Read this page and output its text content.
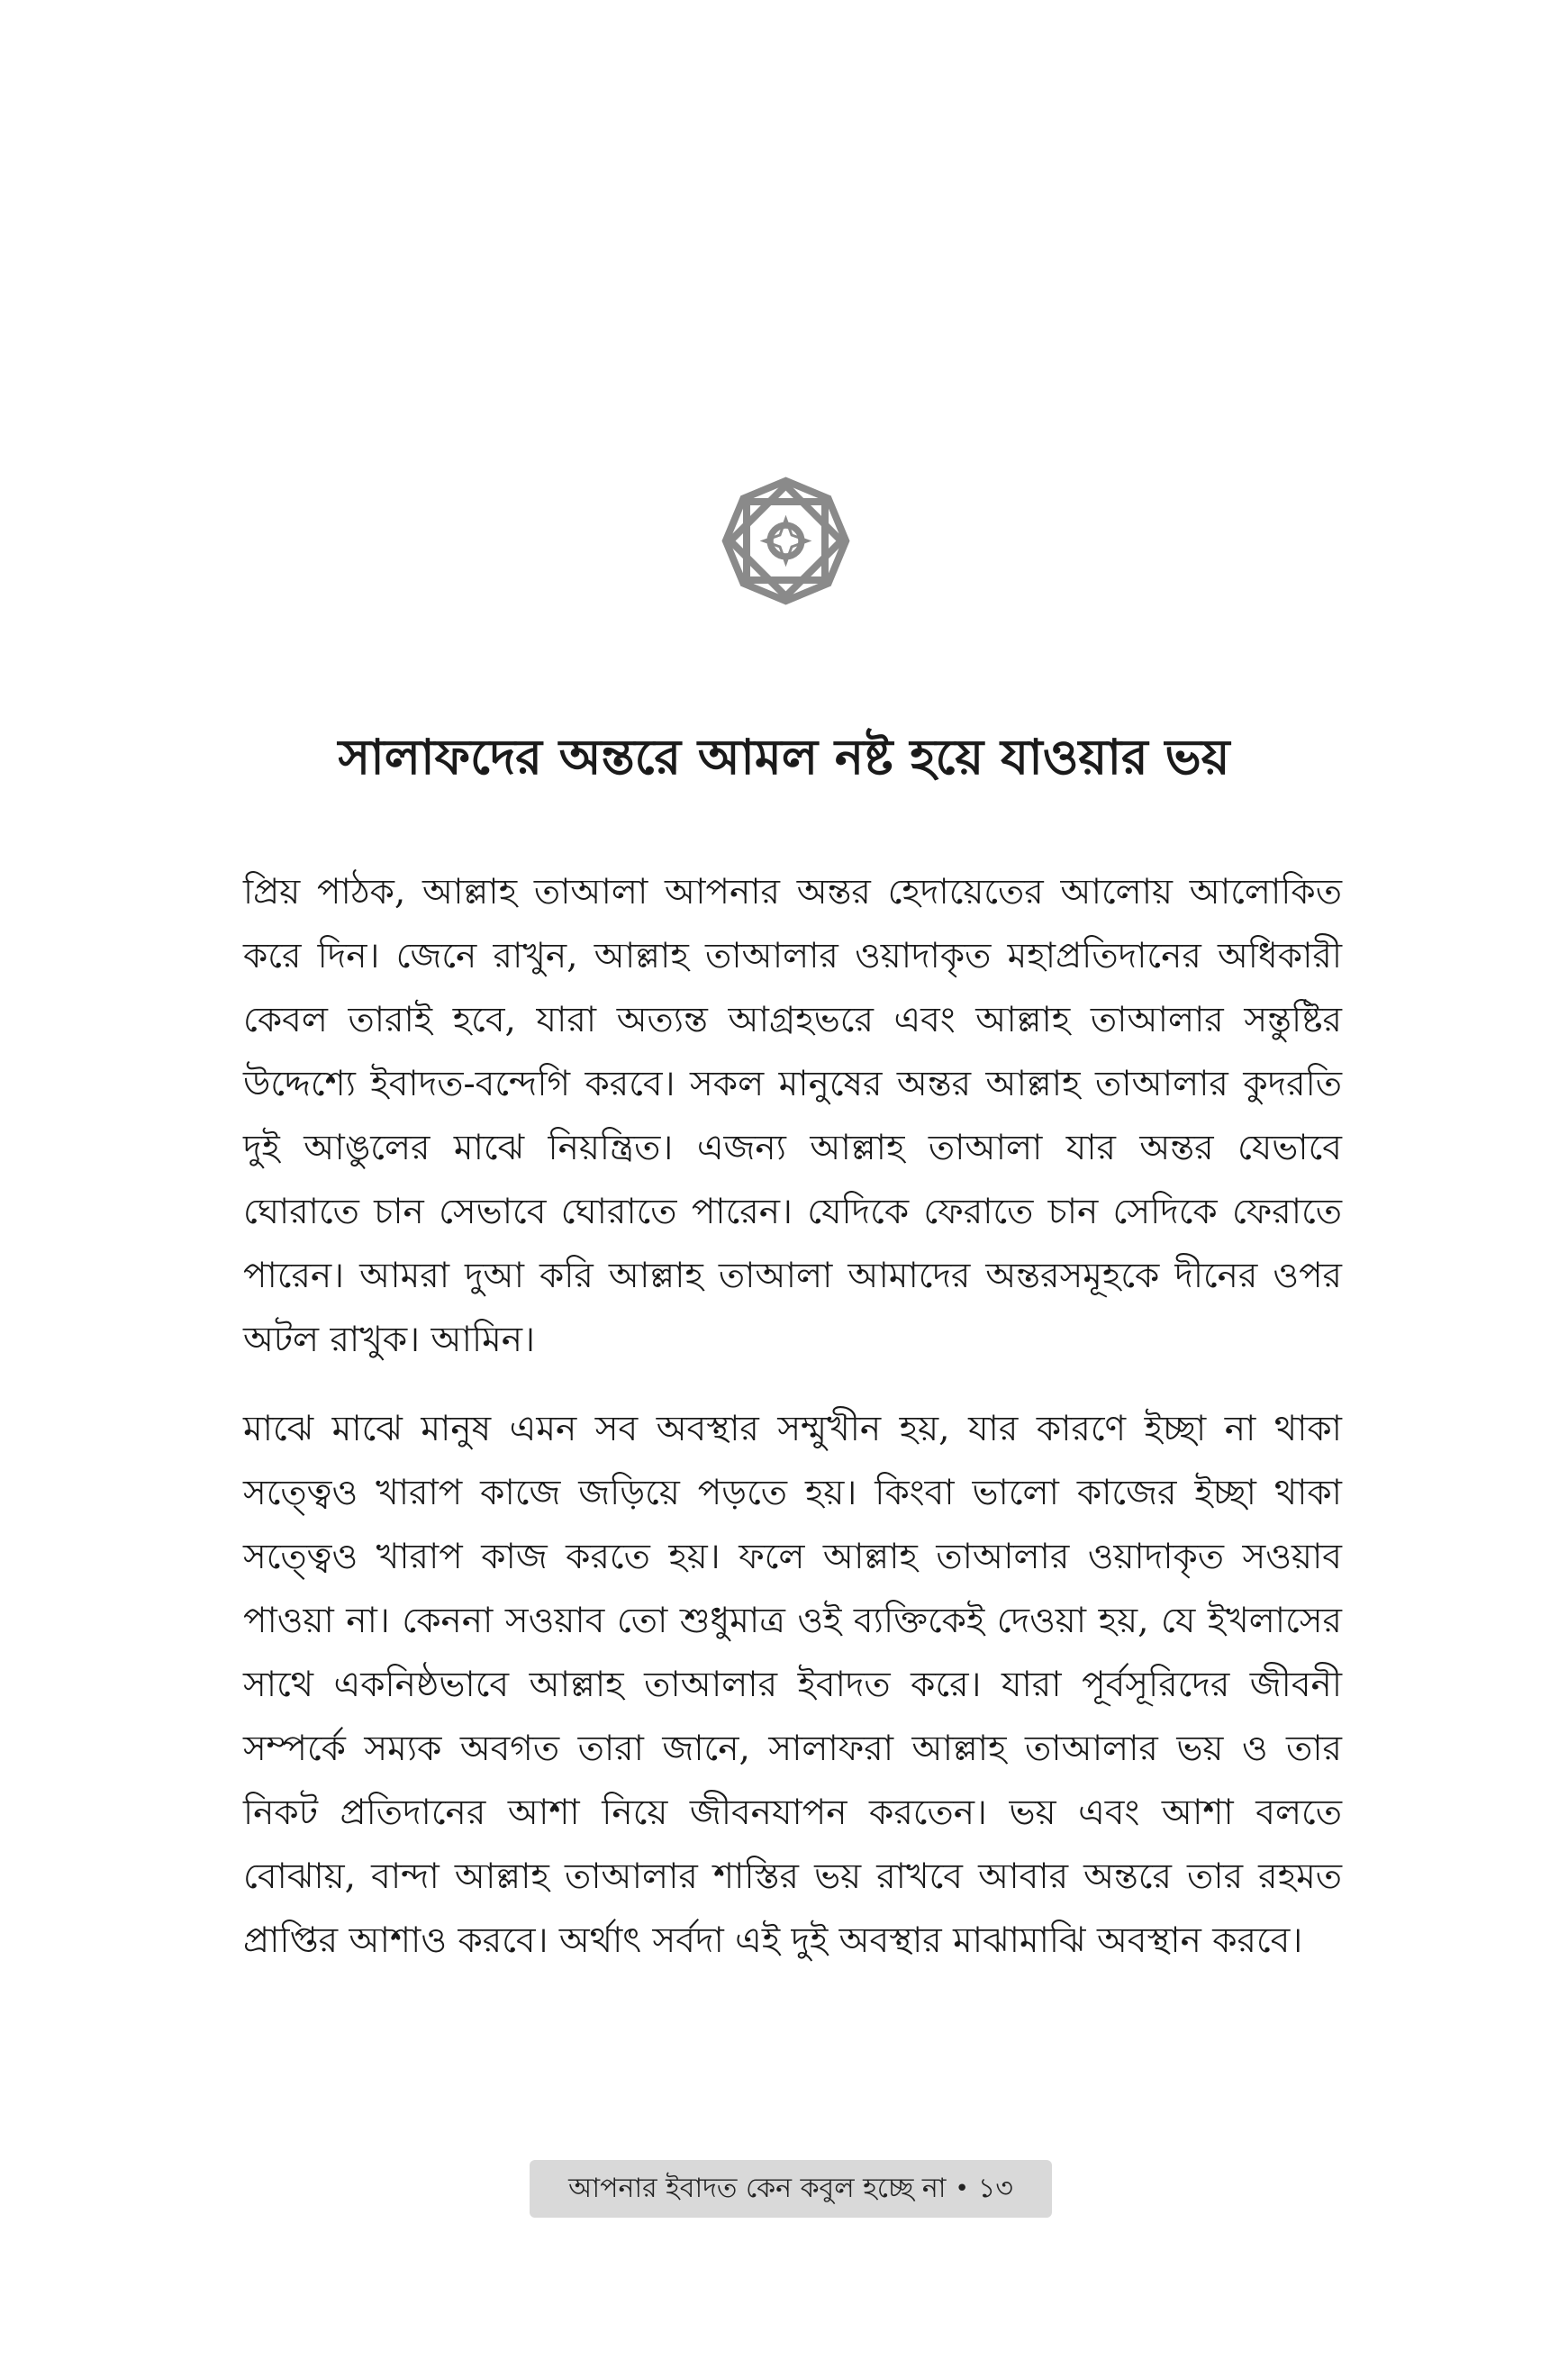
সালাফদের অন্তরে আমল নষ্ট হয়ে যাওয়ার ভয়

প্রিয় পাঠক, আল্লাহ তাআলা আপনার অন্তর হেদায়েতের আলোয় আলোকিত করে দিন। জেনে রাখুন, আল্লাহ তাআলার ওয়াদাকৃত মহাপ্রতিদানের অধিকারী কেবল তারাই হবে, যারা অত্যন্ত আগ্রহভরে এবং আল্লাহ তাআলার সন্তুষ্টির উদ্দেশ্যে ইবাদত-বন্দেগি করবে। সকল মানুষের অন্তর আল্লাহ তাআলার কুদরতি দুই আঙুলের মাঝে নিয়ন্ত্রিত। এজন্য আল্লাহ তাআলা যার অন্তর যেভাবে ঘোরাতে চান সেভাবে ঘোরাতে পারেন। যেদিকে ফেরাতে চান সেদিকে ফেরাতে পারেন। আমরা দুআ করি আল্লাহ তাআলা আমাদের অন্তরসমূহকে দীনের ওপর অটল রাখুক। আমিন।

মাঝে মাঝে মানুষ এমন সব অবস্থার সম্মুখীন হয়, যার কারণে ইচ্ছা না থাকা সত্ত্বেও খারাপ কাজে জড়িয়ে পড়তে হয়। কিংবা ভালো কাজের ইচ্ছা থাকা সত্ত্বেও খারাপ কাজ করতে হয়। ফলে আল্লাহ তাআলার ওয়াদাকৃত সওয়াব পাওয়া না। কেননা সওয়াব তো শুধুমাত্র ওই ব্যক্তিকেই দেওয়া হয়, যে ইখলাসের সাথে একনিষ্ঠভাবে আল্লাহ তাআলার ইবাদত করে। যারা পূর্বসূরিদের জীবনী সম্পর্কে সম্যক অবগত তারা জানে, সালাফরা আল্লাহ তাআলার ভয় ও তার নিকট প্রতিদানের আশা নিয়ে জীবনযাপন করতেন। ভয় এবং আশা বলতে বোঝায়, বান্দা আল্লাহ তাআলার শাস্তির ভয় রাখবে আবার অন্তরে তার রহমত প্রাপ্তির আশাও করবে। অর্থাৎ সর্বদা এই দুই অবস্থার মাঝামাঝি অবস্থান করবে।

আপনার ইবাদত কেন কবুল হচ্ছে না • ১৩
